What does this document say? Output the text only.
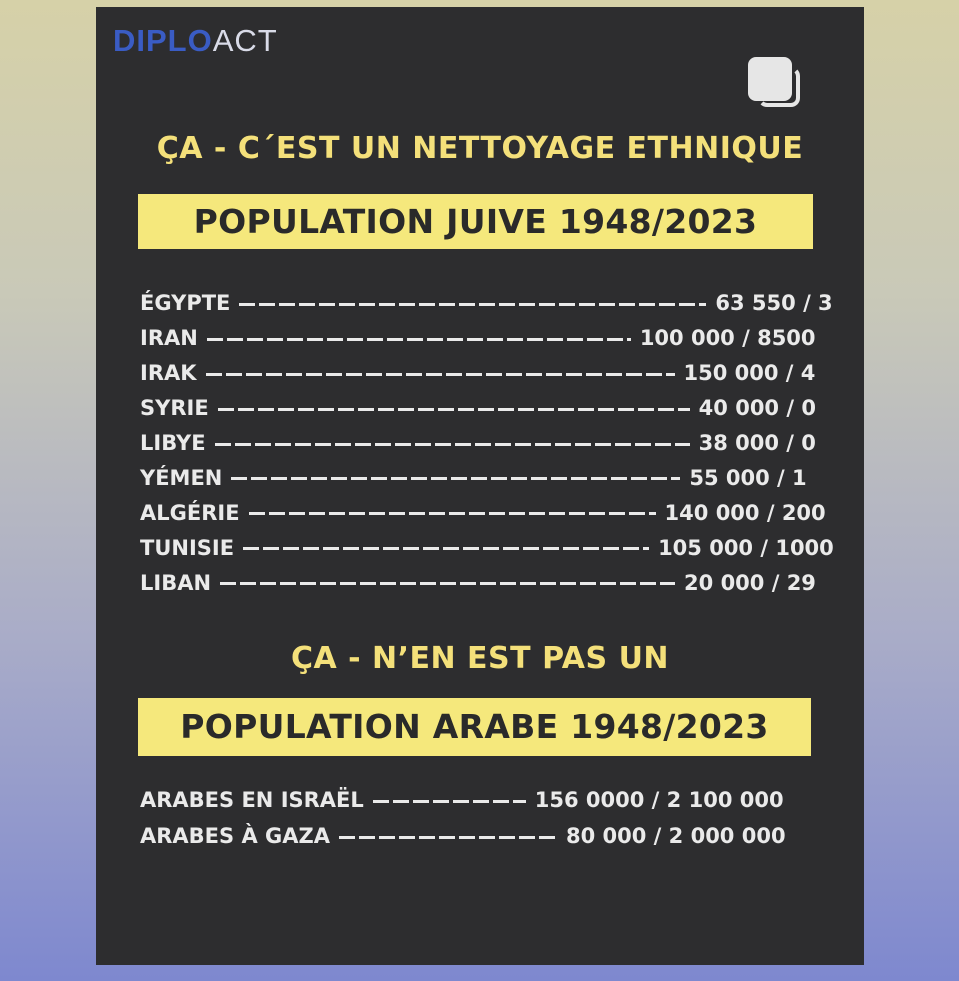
DIPLOACT
ÇA - C´EST UN NETTOYAGE ETHNIQUE
POPULATION JUIVE 1948/2023
ÉGYPTE	63 550 / 3
IRAN	100 000 / 8500
IRAK	150 000 / 4
SYRIE	40 000 / 0
LIBYE	38 000 / 0
YÉMEN	55 000 / 1
ALGÉRIE	140 000 / 200
TUNISIE	105 000 / 1000
LIBAN	20 000 / 29
ÇA - N’EN EST PAS UN
POPULATION ARABE 1948/2023
ARABES EN ISRAËL	156 0000 / 2 100 000
ARABES À GAZA	80 000 / 2 000 000
